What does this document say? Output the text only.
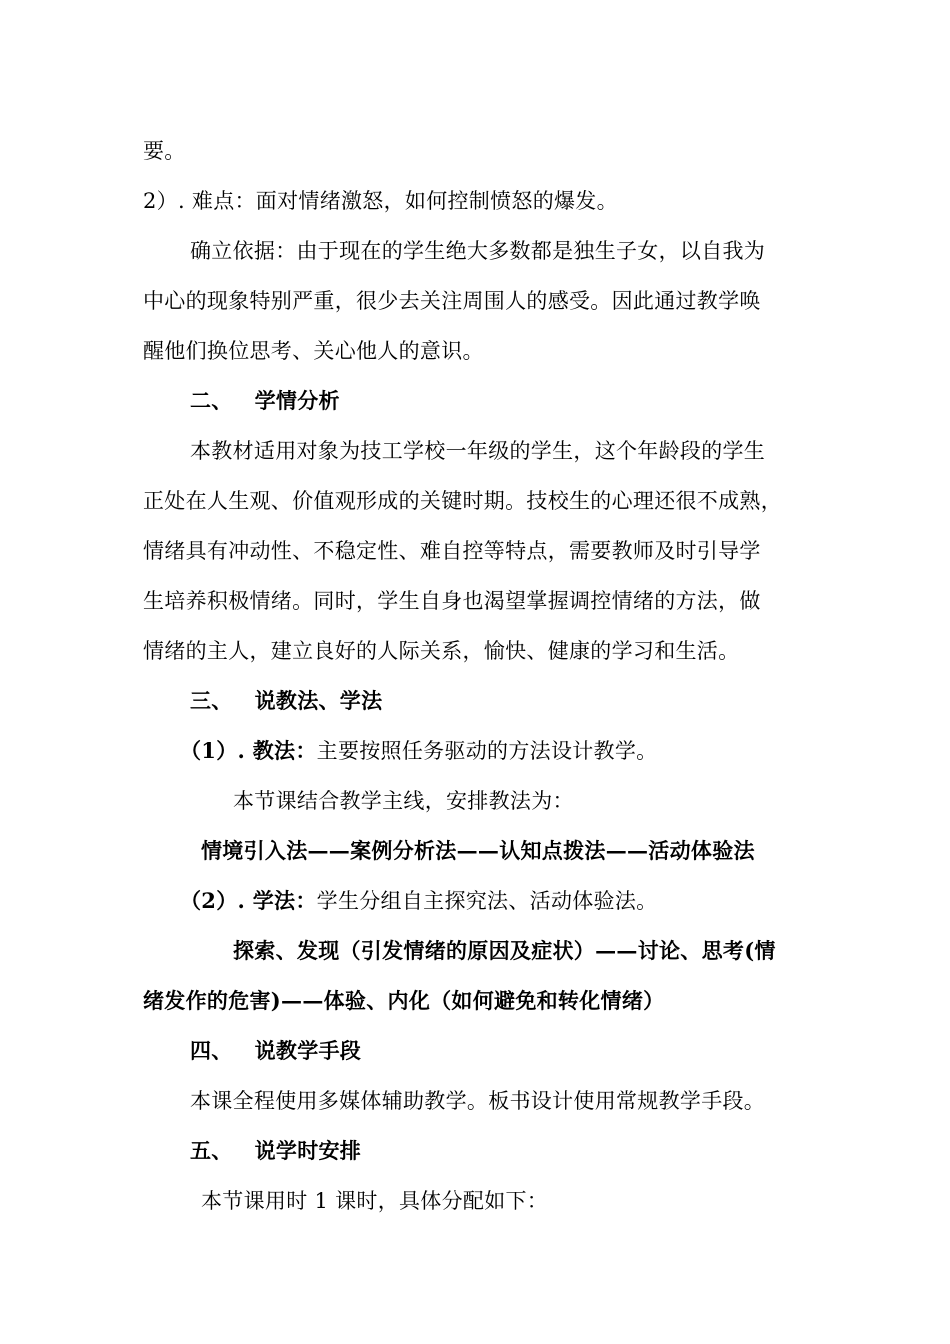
要。
2）. 难点：面对情绪激怒，如何控制愤怒的爆发。
确立依据：由于现在的学生绝大多数都是独生子女，以自我为
中心的现象特别严重，很少去关注周围人的感受。因此通过教学唤
醒他们换位思考、关心他人的意识。
二、 学情分析
本教材适用对象为技工学校一年级的学生，这个年龄段的学生
正处在人生观、价值观形成的关键时期。技校生的心理还很不成熟，
情绪具有冲动性、不稳定性、难自控等特点，需要教师及时引导学
生培养积极情绪。同时，学生自身也渴望掌握调控情绪的方法，做
情绪的主人，建立良好的人际关系，愉快、健康的学习和生活。
三、 说教法、学法
（1）. 教法：主要按照任务驱动的方法设计教学。
本节课结合教学主线，安排教法为：
情境引入法——案例分析法——认知点拨法——活动体验法
（2）. 学法：学生分组自主探究法、活动体验法。
探索、发现（引发情绪的原因及症状）——讨论、思考(情
绪发作的危害)——体验、内化（如何避免和转化情绪）
四、 说教学手段
本课全程使用多媒体辅助教学。板书设计使用常规教学手段。
五、 说学时安排
本节课用时 1 课时，具体分配如下：
